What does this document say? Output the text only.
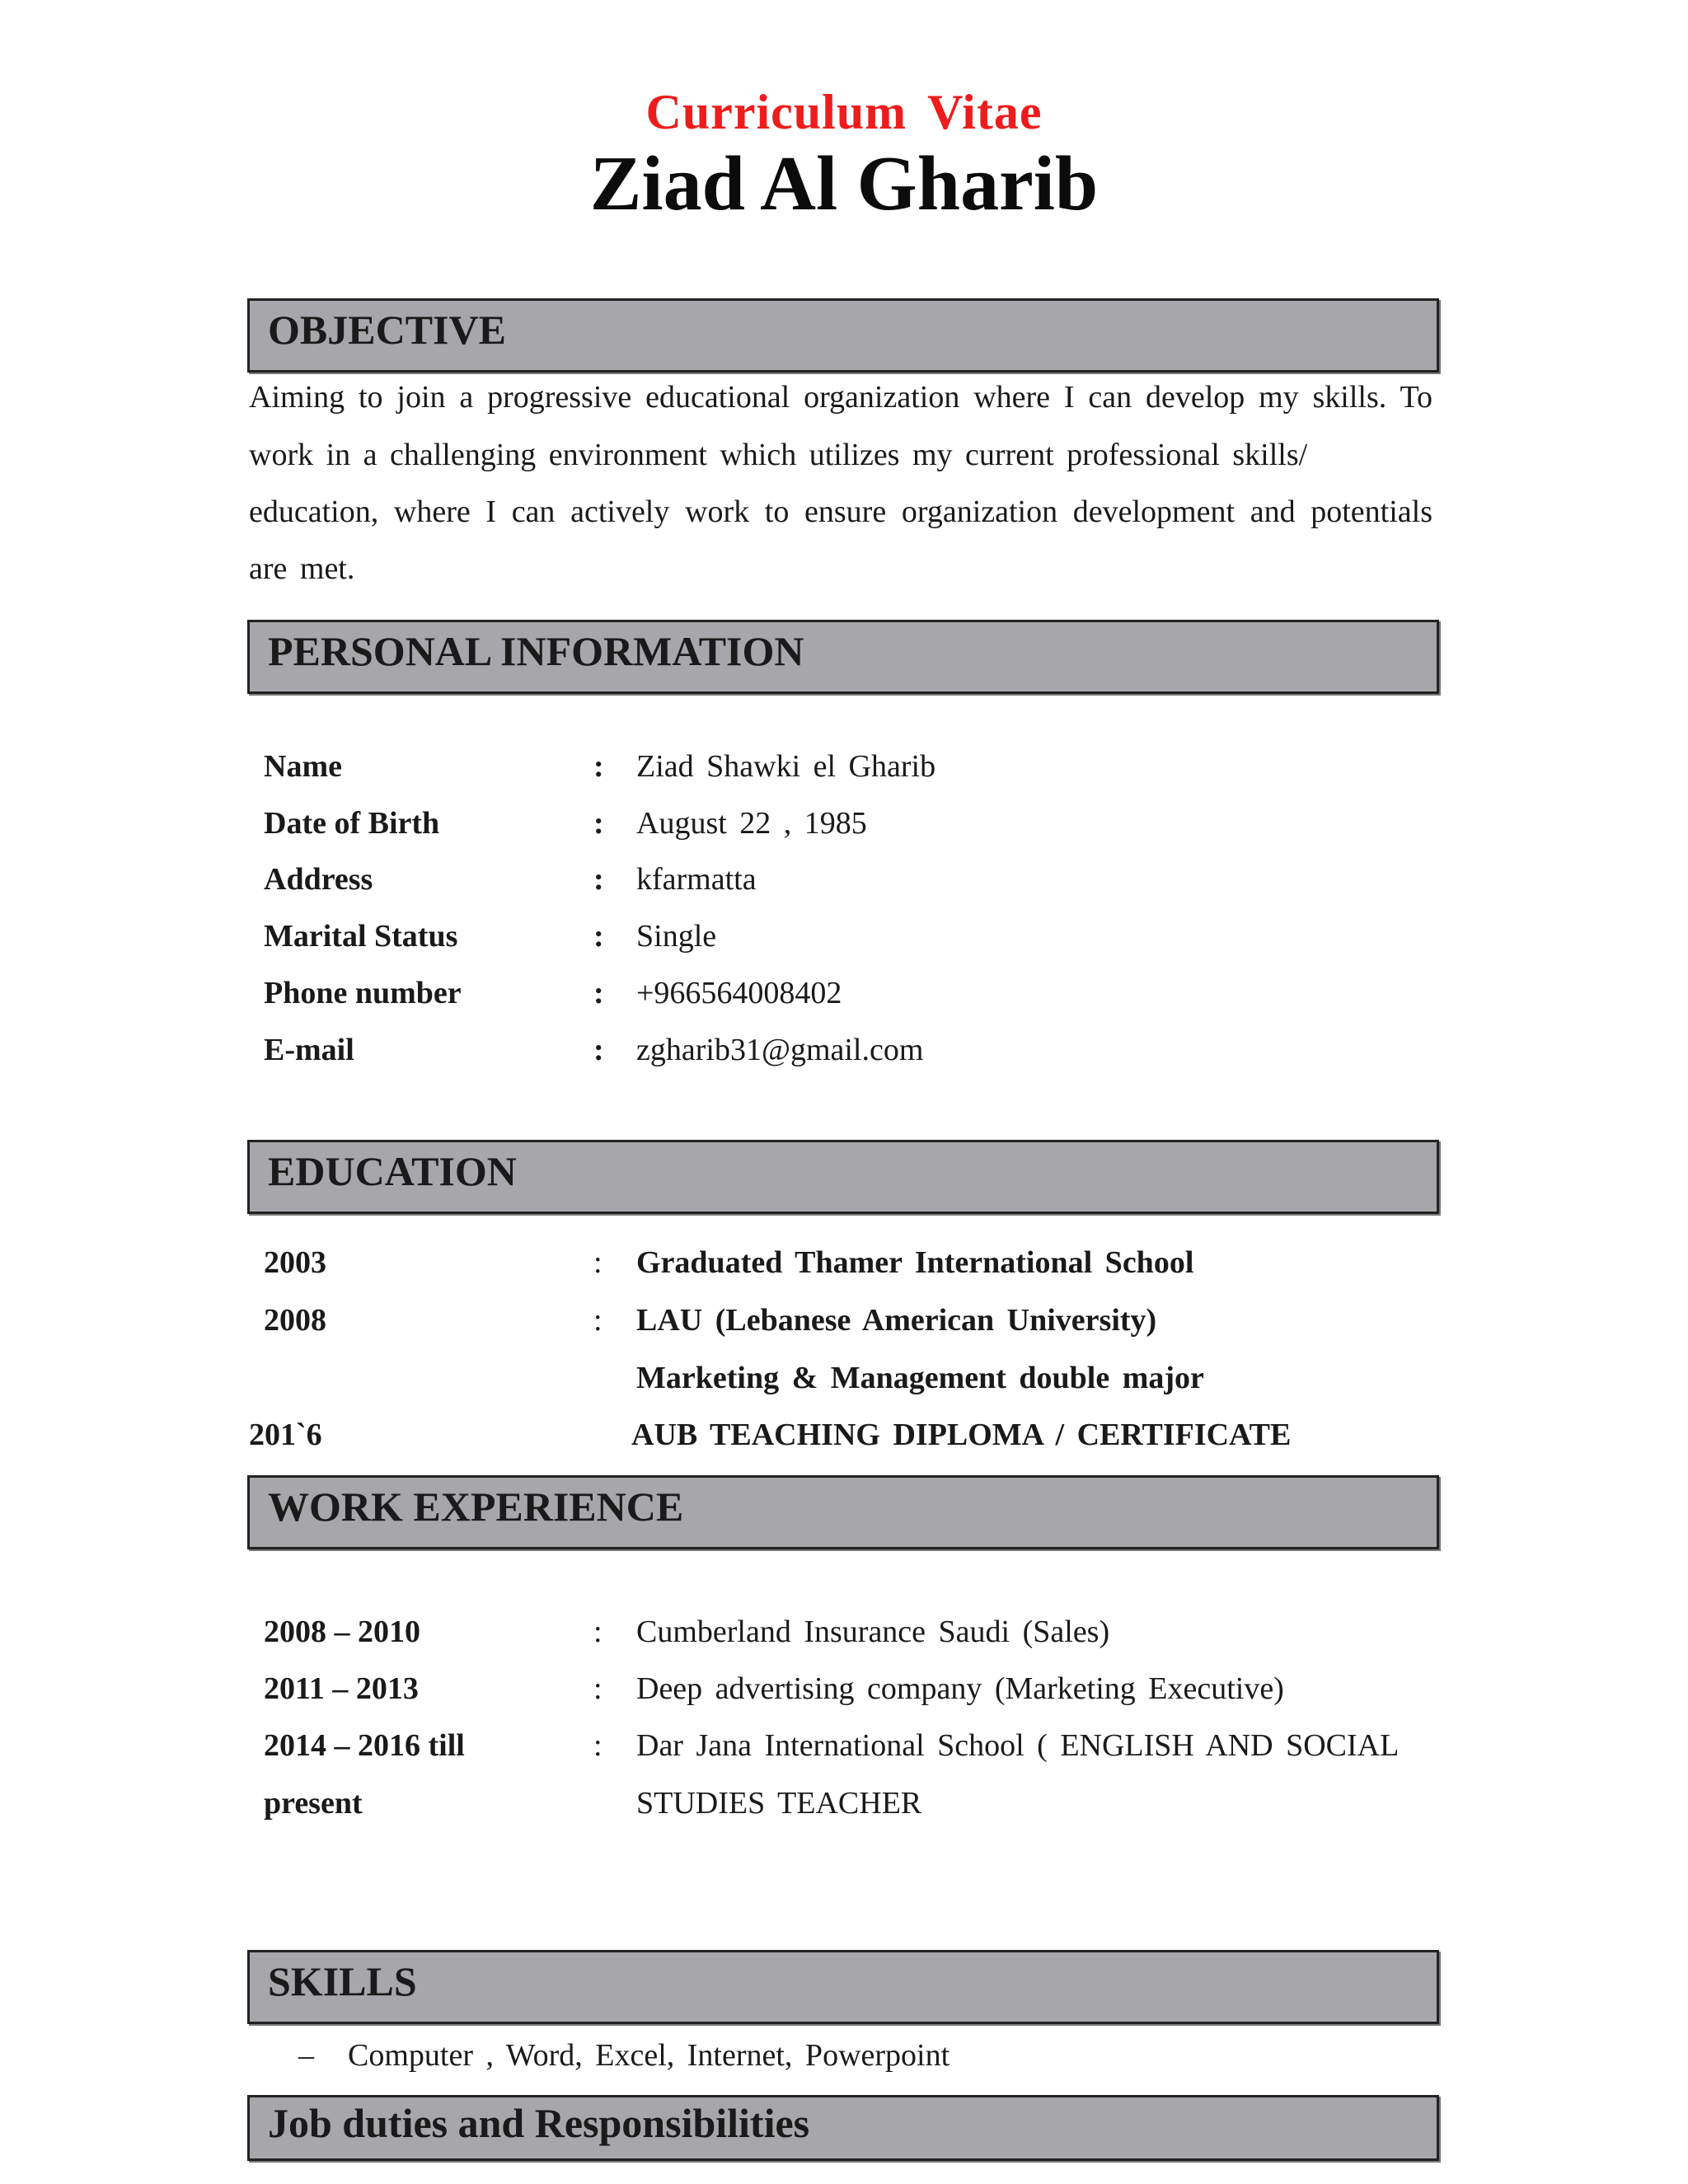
Curriculum Vitae
Ziad Al Gharib
OBJECTIVE
Aiming to join a progressive educational organization where I can develop my skills. To
work in a challenging environment which utilizes my current professional skills/
education, where I can actively work to ensure organization development and potentials
are met.
PERSONAL INFORMATION
Name	: Ziad Shawki el Gharib
Date of Birth	: August 22 , 1985
Address	: kfarmatta
Marital Status	: Single
Phone number	: +966564008402
E-mail	: zgharib31@gmail.com
EDUCATION
2003	: Graduated Thamer International School
2008	: LAU (Lebanese American University)
Marketing & Management double major
201`6	AUB TEACHING DIPLOMA / CERTIFICATE
WORK EXPERIENCE
2008 – 2010	: Cumberland Insurance Saudi (Sales)
2011 – 2013	: Deep advertising company (Marketing Executive)
2014 – 2016 till	: Dar Jana International School ( ENGLISH AND SOCIAL
present	STUDIES TEACHER
SKILLS
– Computer , Word, Excel, Internet, Powerpoint
Job duties and Responsibilities
